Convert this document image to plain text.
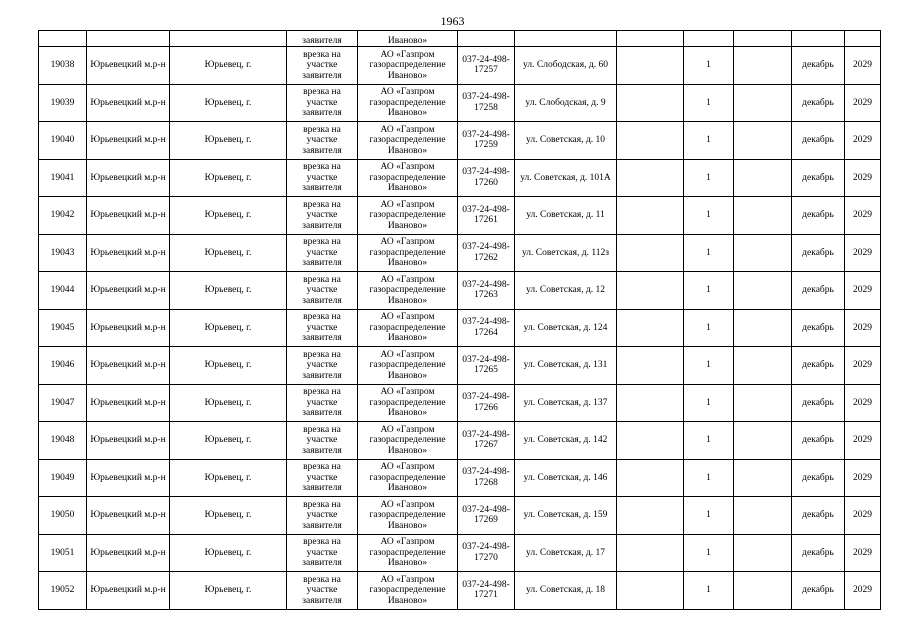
1963
			заявителя	Иваново»							
19038	Юрьевецкий м.р-н	Юрьевец, г.	врезка на участке заявителя	АО «Газпром газораспределение Иваново»	037-24-498-17257	ул. Слободская, д. 60		1		декабрь	2029
19039	Юрьевецкий м.р-н	Юрьевец, г.	врезка на участке заявителя	АО «Газпром газораспределение Иваново»	037-24-498-17258	ул. Слободская, д. 9		1		декабрь	2029
19040	Юрьевецкий м.р-н	Юрьевец, г.	врезка на участке заявителя	АО «Газпром газораспределение Иваново»	037-24-498-17259	ул. Советская, д. 10		1		декабрь	2029
19041	Юрьевецкий м.р-н	Юрьевец, г.	врезка на участке заявителя	АО «Газпром газораспределение Иваново»	037-24-498-17260	ул. Советская, д. 101А		1		декабрь	2029
19042	Юрьевецкий м.р-н	Юрьевец, г.	врезка на участке заявителя	АО «Газпром газораспределение Иваново»	037-24-498-17261	ул. Советская, д. 11		1		декабрь	2029
19043	Юрьевецкий м.р-н	Юрьевец, г.	врезка на участке заявителя	АО «Газпром газораспределение Иваново»	037-24-498-17262	ул. Советская, д. 112з		1		декабрь	2029
19044	Юрьевецкий м.р-н	Юрьевец, г.	врезка на участке заявителя	АО «Газпром газораспределение Иваново»	037-24-498-17263	ул. Советская, д. 12		1		декабрь	2029
19045	Юрьевецкий м.р-н	Юрьевец, г.	врезка на участке заявителя	АО «Газпром газораспределение Иваново»	037-24-498-17264	ул. Советская, д. 124		1		декабрь	2029
19046	Юрьевецкий м.р-н	Юрьевец, г.	врезка на участке заявителя	АО «Газпром газораспределение Иваново»	037-24-498-17265	ул. Советская, д. 131		1		декабрь	2029
19047	Юрьевецкий м.р-н	Юрьевец, г.	врезка на участке заявителя	АО «Газпром газораспределение Иваново»	037-24-498-17266	ул. Советская, д. 137		1		декабрь	2029
19048	Юрьевецкий м.р-н	Юрьевец, г.	врезка на участке заявителя	АО «Газпром газораспределение Иваново»	037-24-498-17267	ул. Советская, д. 142		1		декабрь	2029
19049	Юрьевецкий м.р-н	Юрьевец, г.	врезка на участке заявителя	АО «Газпром газораспределение Иваново»	037-24-498-17268	ул. Советская, д. 146		1		декабрь	2029
19050	Юрьевецкий м.р-н	Юрьевец, г.	врезка на участке заявителя	АО «Газпром газораспределение Иваново»	037-24-498-17269	ул. Советская, д. 159		1		декабрь	2029
19051	Юрьевецкий м.р-н	Юрьевец, г.	врезка на участке заявителя	АО «Газпром газораспределение Иваново»	037-24-498-17270	ул. Советская, д. 17		1		декабрь	2029
19052	Юрьевецкий м.р-н	Юрьевец, г.	врезка на участке заявителя	АО «Газпром газораспределение Иваново»	037-24-498-17271	ул. Советская, д. 18		1		декабрь	2029
